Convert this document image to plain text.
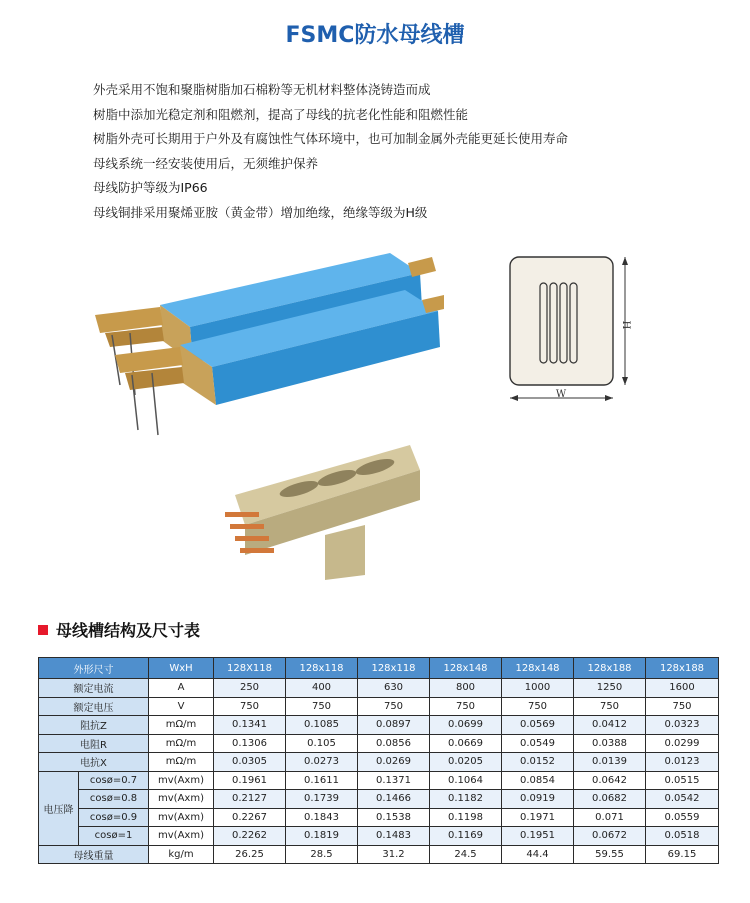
FSMC防水母线槽
外壳采用不饱和聚脂树脂加石棉粉等无机材料整体浇铸造而成
树脂中添加光稳定剂和阻燃剂，提高了母线的抗老化性能和阻燃性能
树脂外壳可长期用于户外及有腐蚀性气体环境中，也可加制金属外壳能更延长使用寿命
母线系统一经安装使用后，无须维护保养
母线防护等级为IP66
母线铜排采用聚烯亚胺（黄金带）增加绝缘，绝缘等级为H级
H
W
母线槽结构及尺寸表
外形尺寸		WxH	128X118	128x118	128x118	128x148	128x148	128x188	128x188
额定电流		A	250	400	630	800	1000	1250	1600
额定电压		V	750	750	750	750	750	750	750
阻抗Z		mΩ/m	0.1341	0.1085	0.0897	0.0699	0.0569	0.0412	0.0323
电阻R		mΩ/m	0.1306	0.105	0.0856	0.0669	0.0549	0.0388	0.0299
电抗X		mΩ/m	0.0305	0.0273	0.0269	0.0205	0.0152	0.0139	0.0123
电压降	cosø=0.7	mv(Axm)	0.1961	0.1611	0.1371	0.1064	0.0854	0.0642	0.0515
	cosø=0.8	mv(Axm)	0.2127	0.1739	0.1466	0.1182	0.0919	0.0682	0.0542
	cosø=0.9	mv(Axm)	0.2267	0.1843	0.1538	0.1198	0.1971	0.071	0.0559
	cosø=1	mv(Axm)	0.2262	0.1819	0.1483	0.1169	0.1951	0.0672	0.0518
母线重量		kg/m	26.25	28.5	31.2	24.5	44.4	59.55	69.15
